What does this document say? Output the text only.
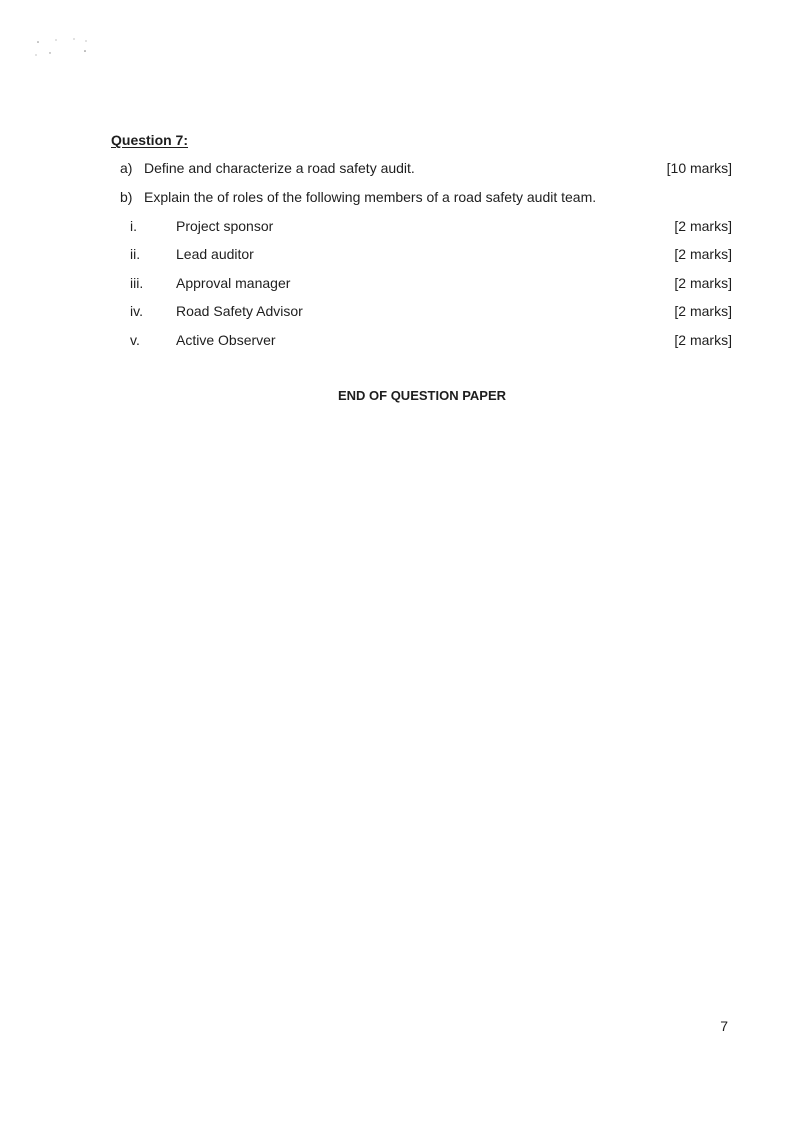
Question 7:
a) Define and characterize a road safety audit.	[10 marks]
b) Explain the of roles of the following members of a road safety audit team.
i.	Project sponsor	[2 marks]
ii.	Lead auditor	[2 marks]
iii. Approval manager	[2 marks]
iv. Road Safety Advisor	[2 marks]
v.	Active Observer	[2 marks]
END OF QUESTION PAPER
7
